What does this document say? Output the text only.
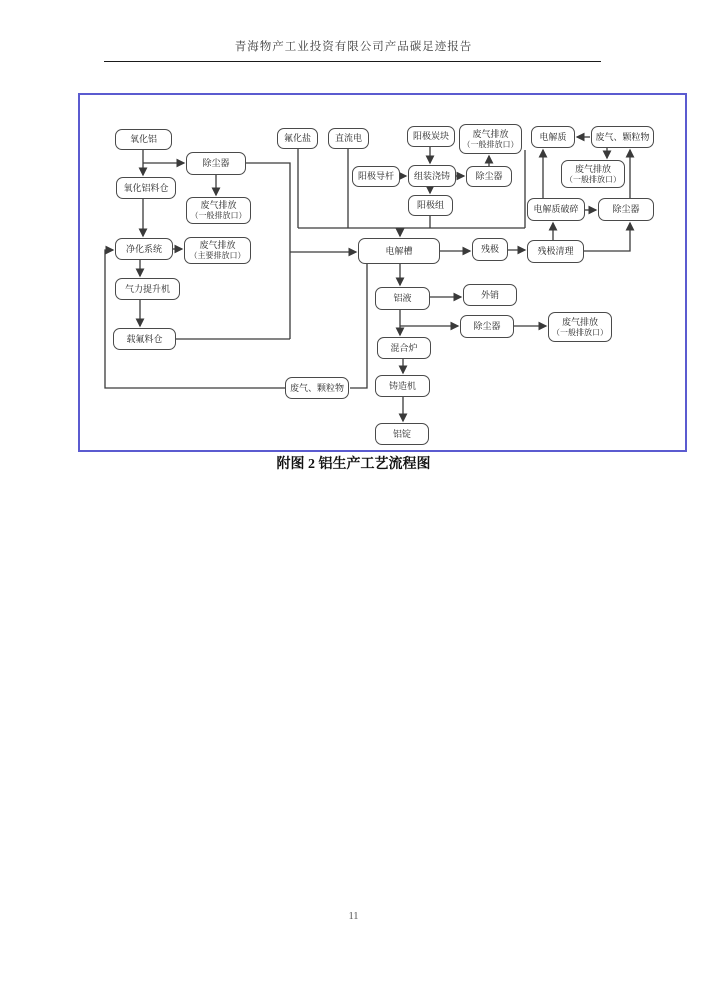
青海物产工业投资有限公司产品碳足迹报告
氧化铝
除尘器
氧化铝料仓
废气排放
（一般排放口）
净化系统	废气排放
（主要排放口）
气力提升机
载氟料仓
氟化盐	直流电	阳极炭块	废气排放
（一般排放口）
阳极导杆 组装浇铸	除尘器
阳极组
电解质	废气、颗粒物
废气排放
（一般排放口）
电解质破碎	除尘器
电解槽	残极	残极清理
铝液	外销
除尘器	废气排放
（一般排放口）
混合炉
废气、颗粒物	铸造机
铝锭
附图 2 铝生产工艺流程图
11
